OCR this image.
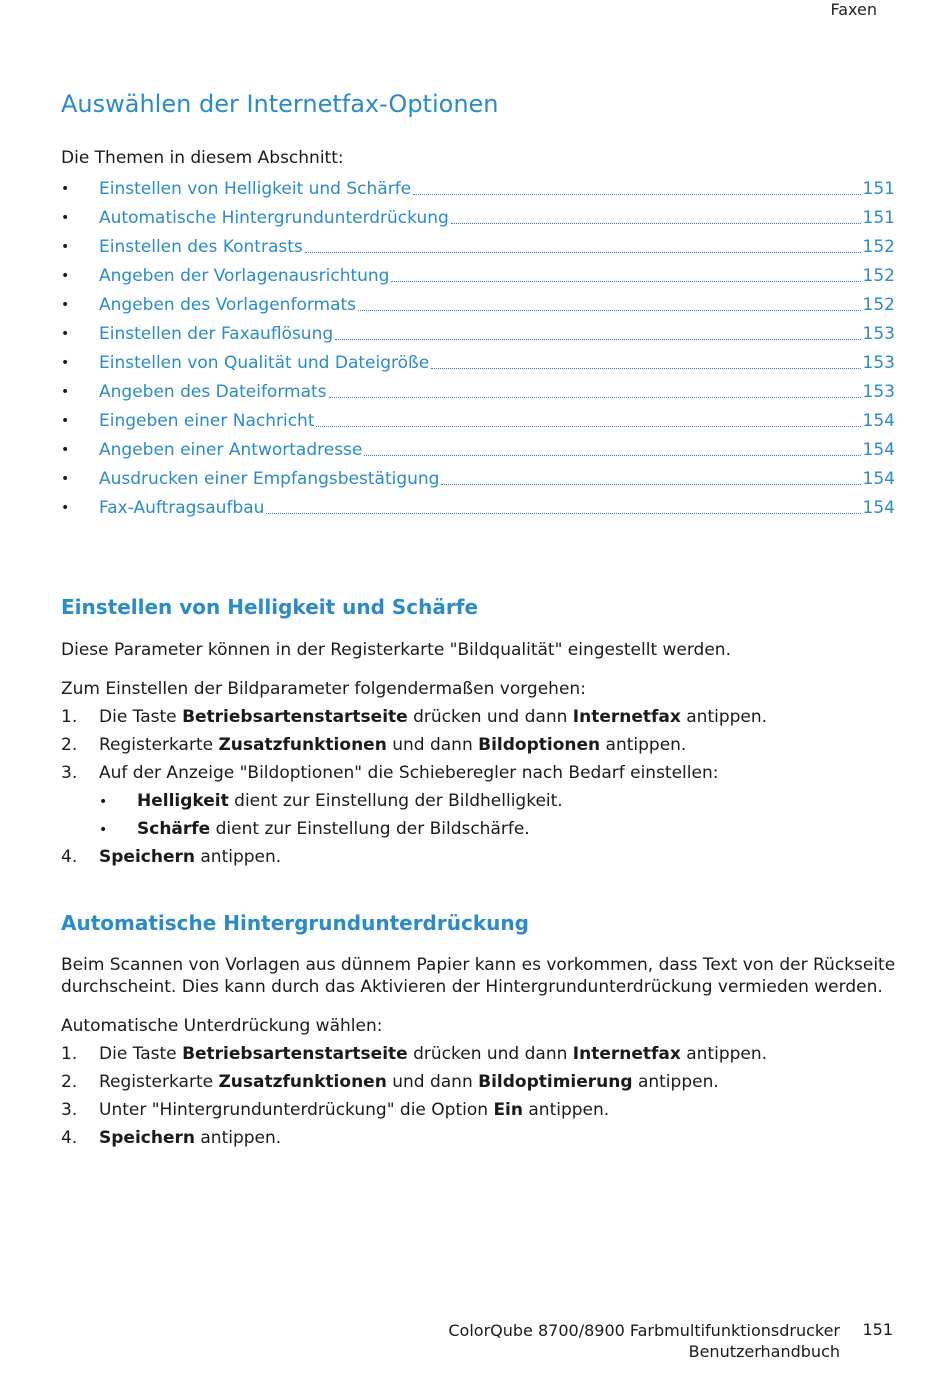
Faxen
Auswählen der Internetfax-Optionen
Die Themen in diesem Abschnitt:
•	Einstellen von Helligkeit und Schärfe	151
•	Automatische Hintergrundunterdrückung	151
•	Einstellen des Kontrasts	152
•	Angeben der Vorlagenausrichtung	152
•	Angeben des Vorlagenformats	152
•	Einstellen der Faxauflösung	153
•	Einstellen von Qualität und Dateigröße	153
•	Angeben des Dateiformats	153
•	Eingeben einer Nachricht	154
•	Angeben einer Antwortadresse	154
•	Ausdrucken einer Empfangsbestätigung	154
•	Fax-Auftragsaufbau	154
Einstellen von Helligkeit und Schärfe
Diese Parameter können in der Registerkarte "Bildqualität" eingestellt werden.
Zum Einstellen der Bildparameter folgendermaßen vorgehen:
1. Die Taste Betriebsartenstartseite drücken und dann Internetfax antippen.
2. Registerkarte Zusatzfunktionen und dann Bildoptionen antippen.
3. Auf der Anzeige "Bildoptionen" die Schieberegler nach Bedarf einstellen:
• Helligkeit dient zur Einstellung der Bildhelligkeit.
• Schärfe dient zur Einstellung der Bildschärfe.
4. Speichern antippen.
Automatische Hintergrundunterdrückung
Beim Scannen von Vorlagen aus dünnem Papier kann es vorkommen, dass Text von der Rückseite
durchscheint. Dies kann durch das Aktivieren der Hintergrundunterdrückung vermieden werden.
Automatische Unterdrückung wählen:
1. Die Taste Betriebsartenstartseite drücken und dann Internetfax antippen.
2. Registerkarte Zusatzfunktionen und dann Bildoptimierung antippen.
3. Unter "Hintergrundunterdrückung" die Option Ein antippen.
4. Speichern antippen.
ColorQube 8700/8900 Farbmultifunktionsdrucker
Benutzerhandbuch
151
